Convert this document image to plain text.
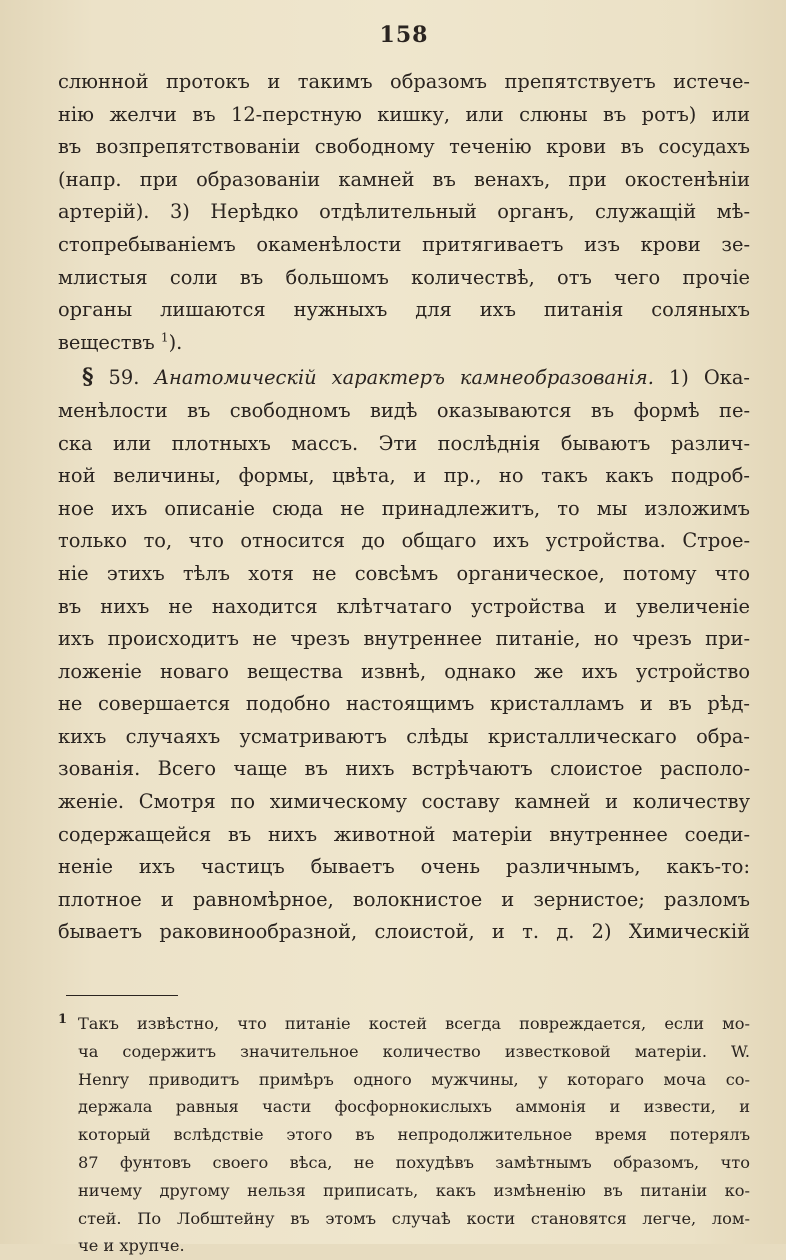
158
слюнной протокъ и такимъ образомъ препятствуетъ истече-
нію желчи въ 12-перстную кишку, или слюны въ ротъ) или
въ возпрепятствованіи свободному теченію крови въ сосудахъ
(напр. при образованіи камней въ венахъ, при окостенѣніи
артерій). 3) Нерѣдко отдѣлительный органъ, служащій мѣ-
стопребываніемъ окаменѣлости притягиваетъ изъ крови зе-
млистыя соли въ большомъ количествѣ, отъ чего прочіе
органы лишаются нужныхъ для ихъ питанія соляныхъ
веществъ $^1$).
§ 59. Анатомическій характеръ камнеобразованія. 1) Ока-
менѣлости въ свободномъ видѣ оказываются въ формѣ пе-
ска или плотныхъ массъ. Эти послѣднія бываютъ различ-
ной величины, формы, цвѣта, и пр., но такъ какъ подроб-
ное ихъ описаніе сюда не принадлежитъ, то мы изложимъ
только то, что относится до общаго ихъ устройства. Строе-
ніе этихъ тѣлъ хотя не совсѣмъ органическое, потому что
въ нихъ не находится клѣтчатаго устройства и увеличеніе
ихъ происходитъ не чрезъ внутреннее питаніе, но чрезъ при-
ложеніе новаго вещества извнѣ, однако же ихъ устройство
не совершается подобно настоящимъ кристалламъ и въ рѣд-
кихъ случаяхъ усматриваютъ слѣды кристаллическаго обра-
зованія. Всего чаще въ нихъ встрѣчаютъ слоистое располо-
женіе. Смотря по химическому составу камней и количеству
содержащейся въ нихъ животной матеріи внутреннее соеди-
неніе ихъ частицъ бываетъ очень различнымъ, какъ-то:
плотное и равномѣрное, волокнистое и зернистое; разломъ
бываетъ раковинообразной, слоистой, и т. д. 2) Химическій
1 Такъ извѣстно, что питаніе костей всегда повреждается, если мо-
ча содержитъ значительное количество известковой матеріи. W.
Henry приводитъ примѣръ одного мужчины, у котораго моча со-
держала равныя части фосфорнокислыхъ аммонія и извести, и
который вслѣдствіе этого въ непродолжительное время потерялъ
87 фунтовъ своего вѣса, не похудѣвъ замѣтнымъ образомъ, что
ничему другому нельзя приписать, какъ измѣненію въ питаніи ко-
стей. По Лобштейну въ этомъ случаѣ кости становятся легче, лом-
че и хрупче.
